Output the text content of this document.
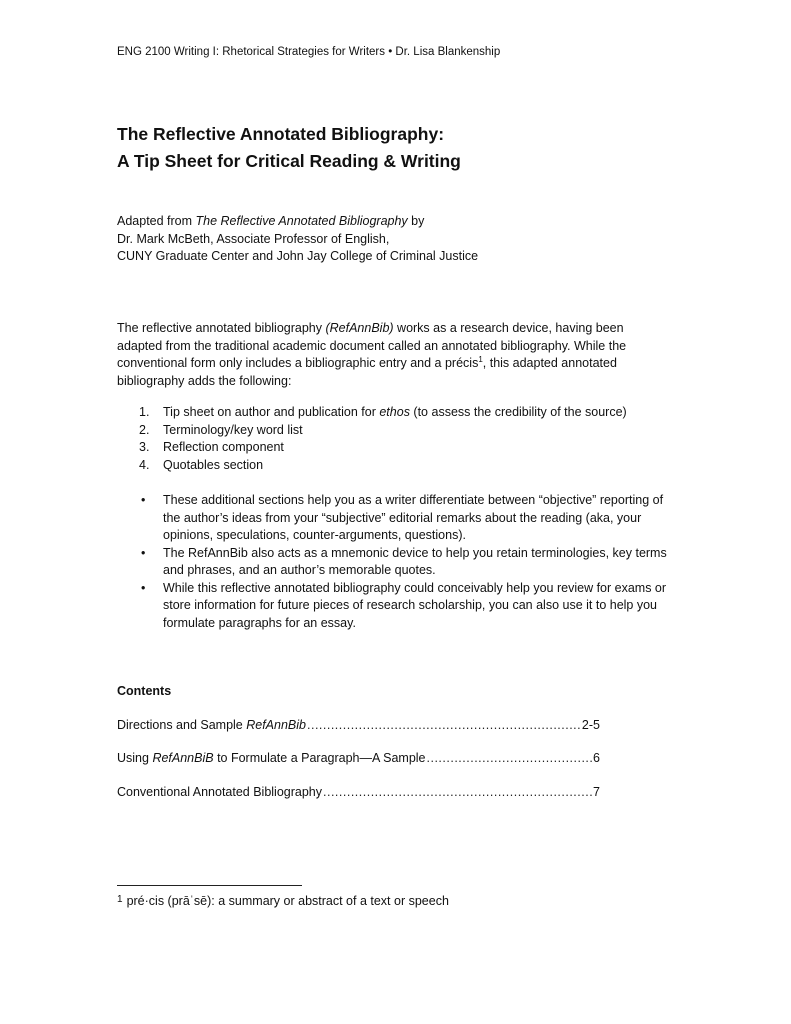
ENG 2100 Writing I: Rhetorical Strategies for Writers • Dr. Lisa Blankenship
The Reflective Annotated Bibliography:
A Tip Sheet for Critical Reading & Writing
Adapted from The Reflective Annotated Bibliography by
Dr. Mark McBeth, Associate Professor of English,
CUNY Graduate Center and John Jay College of Criminal Justice

The reflective annotated bibliography (RefAnnBib) works as a research device, having been adapted from the traditional academic document called an annotated bibliography. While the conventional form only includes a bibliographic entry and a précis$^1$, this adapted annotated bibliography adds the following:

1. Tip sheet on author and publication for ethos (to assess the credibility of the source)
2. Terminology/key word list
3. Reflection component
4. Quotables section
• These additional sections help you as a writer differentiate between “objective” reporting of the author’s ideas from your “subjective” editorial remarks about the reading (aka, your opinions, speculations, counter-arguments, questions).
• The RefAnnBib also acts as a mnemonic device to help you retain terminologies, key terms and phrases, and an author’s memorable quotes.
• While this reflective annotated bibliography could conceivably help you review for exams or store information for future pieces of research scholarship, you can also use it to help you formulate paragraphs for an essay.
Contents
Directions and Sample RefAnnBib .....	2-5
Using RefAnnBiB to Formulate a Paragraph—A Sample .....	6
Conventional Annotated Bibliography .....	7
$^1$ pré·cis (prāˈsē): a summary or abstract of a text or speech
